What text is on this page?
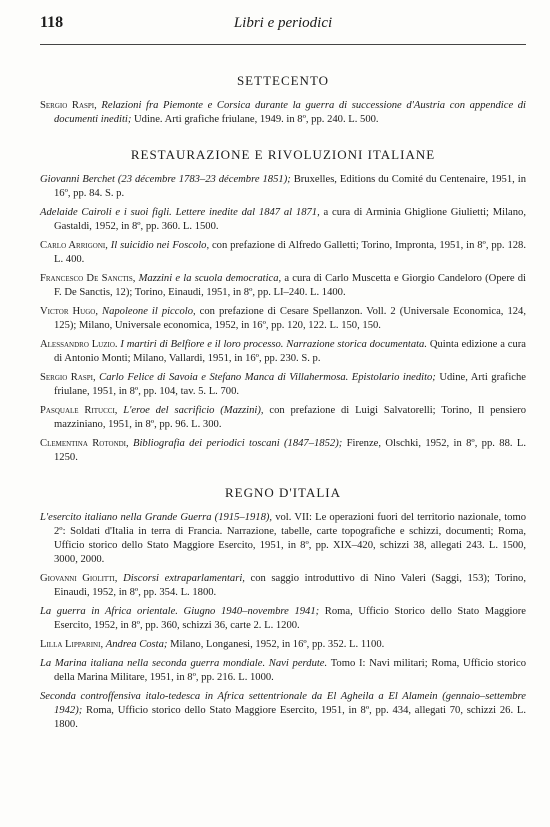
118	Libri e periodici
SETTECENTO

Sergio Raspi, Relazioni fra Piemonte e Corsica durante la guerra di successione d'Austria con appendice di documenti inediti; Udine. Arti grafiche friulane, 1949. in 8º, pp. 240. L. 500.

RESTAURAZIONE E RIVOLUZIONI ITALIANE

Giovanni Berchet (23 décembre 1783–23 décembre 1851); Bruxelles, Editions du Comité du Centenaire, 1951, in 16º, pp. 84. S. p.

Adelaide Cairoli e i suoi figli. Lettere inedite dal 1847 al 1871, a cura di Arminia Ghiglione Giulietti; Milano, Gastaldi, 1952, in 8º, pp. 360. L. 1500.

Carlo Arrigoni, Il suicidio nei Foscolo, con prefazione di Alfredo Galletti; Torino, Impronta, 1951, in 8º, pp. 128. L. 400.

Francesco De Sanctis, Mazzini e la scuola democratica, a cura di Carlo Muscetta e Giorgio Candeloro (Opere di F. De Sanctis, 12); Torino, Einaudi, 1951, in 8º, pp. LI–240. L. 1400.

Victor Hugo, Napoleone il piccolo, con prefazione di Cesare Spellanzon. Voll. 2 (Universale Economica, 124, 125); Milano, Universale economica, 1952, in 16º, pp. 120, 122. L. 150, 150.

Alessandro Luzio. I martiri di Belfiore e il loro processo. Narrazione storica documentata. Quinta edizione a cura di Antonio Monti; Milano, Vallardi, 1951, in 16º, pp. 230. S. p.

Sergio Raspi, Carlo Felice di Savoia e Stefano Manca di Villahermosa. Epistolario inedito; Udine, Arti grafiche friulane, 1951, in 8º, pp. 104, tav. 5. L. 700.

Pasquale Ritucci, L'eroe del sacrificio (Mazzini), con prefazione di Luigi Salvatorelli; Torino, Il pensiero mazziniano, 1951, in 8º, pp. 96. L. 300.

Clementina Rotondi, Bibliografia dei periodici toscani (1847–1852); Firenze, Olschki, 1952, in 8º, pp. 88. L. 1250.

REGNO D'ITALIA

L'esercito italiano nella Grande Guerra (1915–1918), vol. VII: Le operazioni fuori del territorio nazionale, tomo 2º: Soldati d'Italia in terra di Francia. Narrazione, tabelle, carte topografiche e schizzi, documenti; Roma, Ufficio storico dello Stato Maggiore Esercito, 1951, in 8º, pp. XIX–420, schizzi 38, allegati 243. L. 1500, 3000, 2000.

Giovanni Giolitti, Discorsi extraparlamentari, con saggio introduttivo di Nino Valeri (Saggi, 153); Torino, Einaudi, 1952, in 8º, pp. 354. L. 1800.

La guerra in Africa orientale. Giugno 1940–novembre 1941; Roma, Ufficio Storico dello Stato Maggiore Esercito, 1952, in 8º, pp. 360, schizzi 36, carte 2. L. 1200.

Lilla Lipparini, Andrea Costa; Milano, Longanesi, 1952, in 16º, pp. 352. L. 1100.

La Marina italiana nella seconda guerra mondiale. Navi perdute. Tomo I: Navi militari; Roma, Ufficio storico della Marina Militare, 1951, in 8º, pp. 216. L. 1000.

Seconda controffensiva italo-tedesca in Africa settentrionale da El Agheila a El Alamein (gennaio–settembre 1942); Roma, Ufficio storico dello Stato Maggiore Esercito, 1951, in 8º, pp. 434, allegati 70, schizzi 26. L. 1800.
